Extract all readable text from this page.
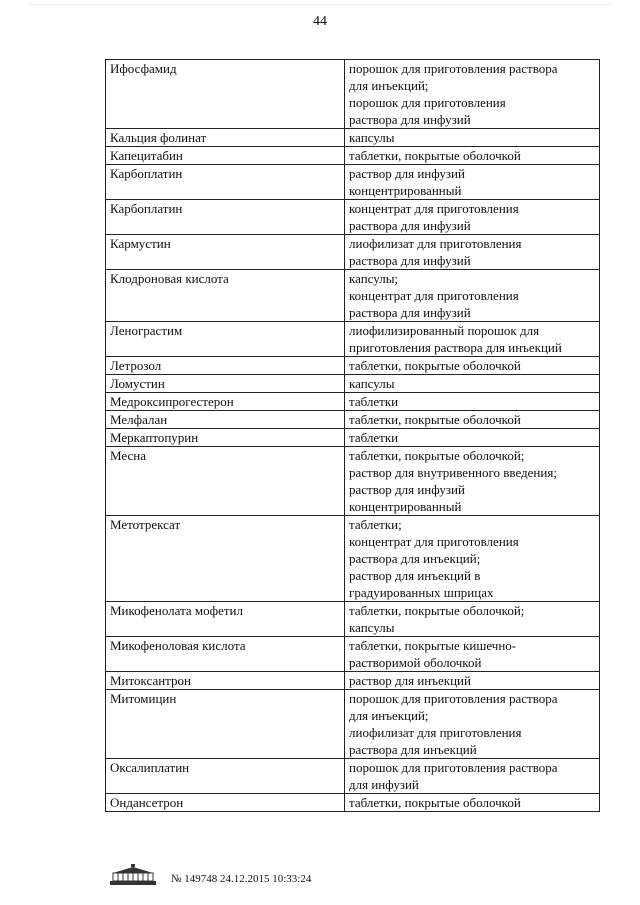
44
Ифосфамид	порошок для приготовления раствора
для инъекций;
порошок для приготовления
раствора для инфузий

Кальция фолинат	капсулы

Капецитабин	таблетки, покрытые оболочкой

Карбоплатин	раствор для инфузий
концентрированный

Карбоплатин	концентрат для приготовления
раствора для инфузий

Кармустин	лиофилизат для приготовления
раствора для инфузий

Клодроновая кислота	капсулы;
концентрат для приготовления
раствора для инфузий

Ленограстим	лиофилизированный порошок для
приготовления раствора для инъекций

Летрозол	таблетки, покрытые оболочкой

Ломустин	капсулы

Медроксипрогестерон	таблетки

Мелфалан	таблетки, покрытые оболочкой

Меркаптопурин	таблетки

Месна	таблетки, покрытые оболочкой;
раствор для внутривенного введения;
раствор для инфузий
концентрированный

Метотрексат	таблетки;
концентрат для приготовления
раствора для инъекций;
раствор для инъекций в
градуированных шприцах

Микофенолата мофетил	таблетки, покрытые оболочкой;
капсулы

Микофеноловая кислота	таблетки, покрытые кишечно-
растворимой оболочкой

Митоксантрон	раствор для инъекций

Митомицин	порошок для приготовления раствора
для инъекций;
лиофилизат для приготовления
раствора для инъекций

Оксалиплатин	порошок для приготовления раствора
для инфузий

Ондансетрон	таблетки, покрытые оболочкой
№ 149748 24.12.2015 10:33:24
